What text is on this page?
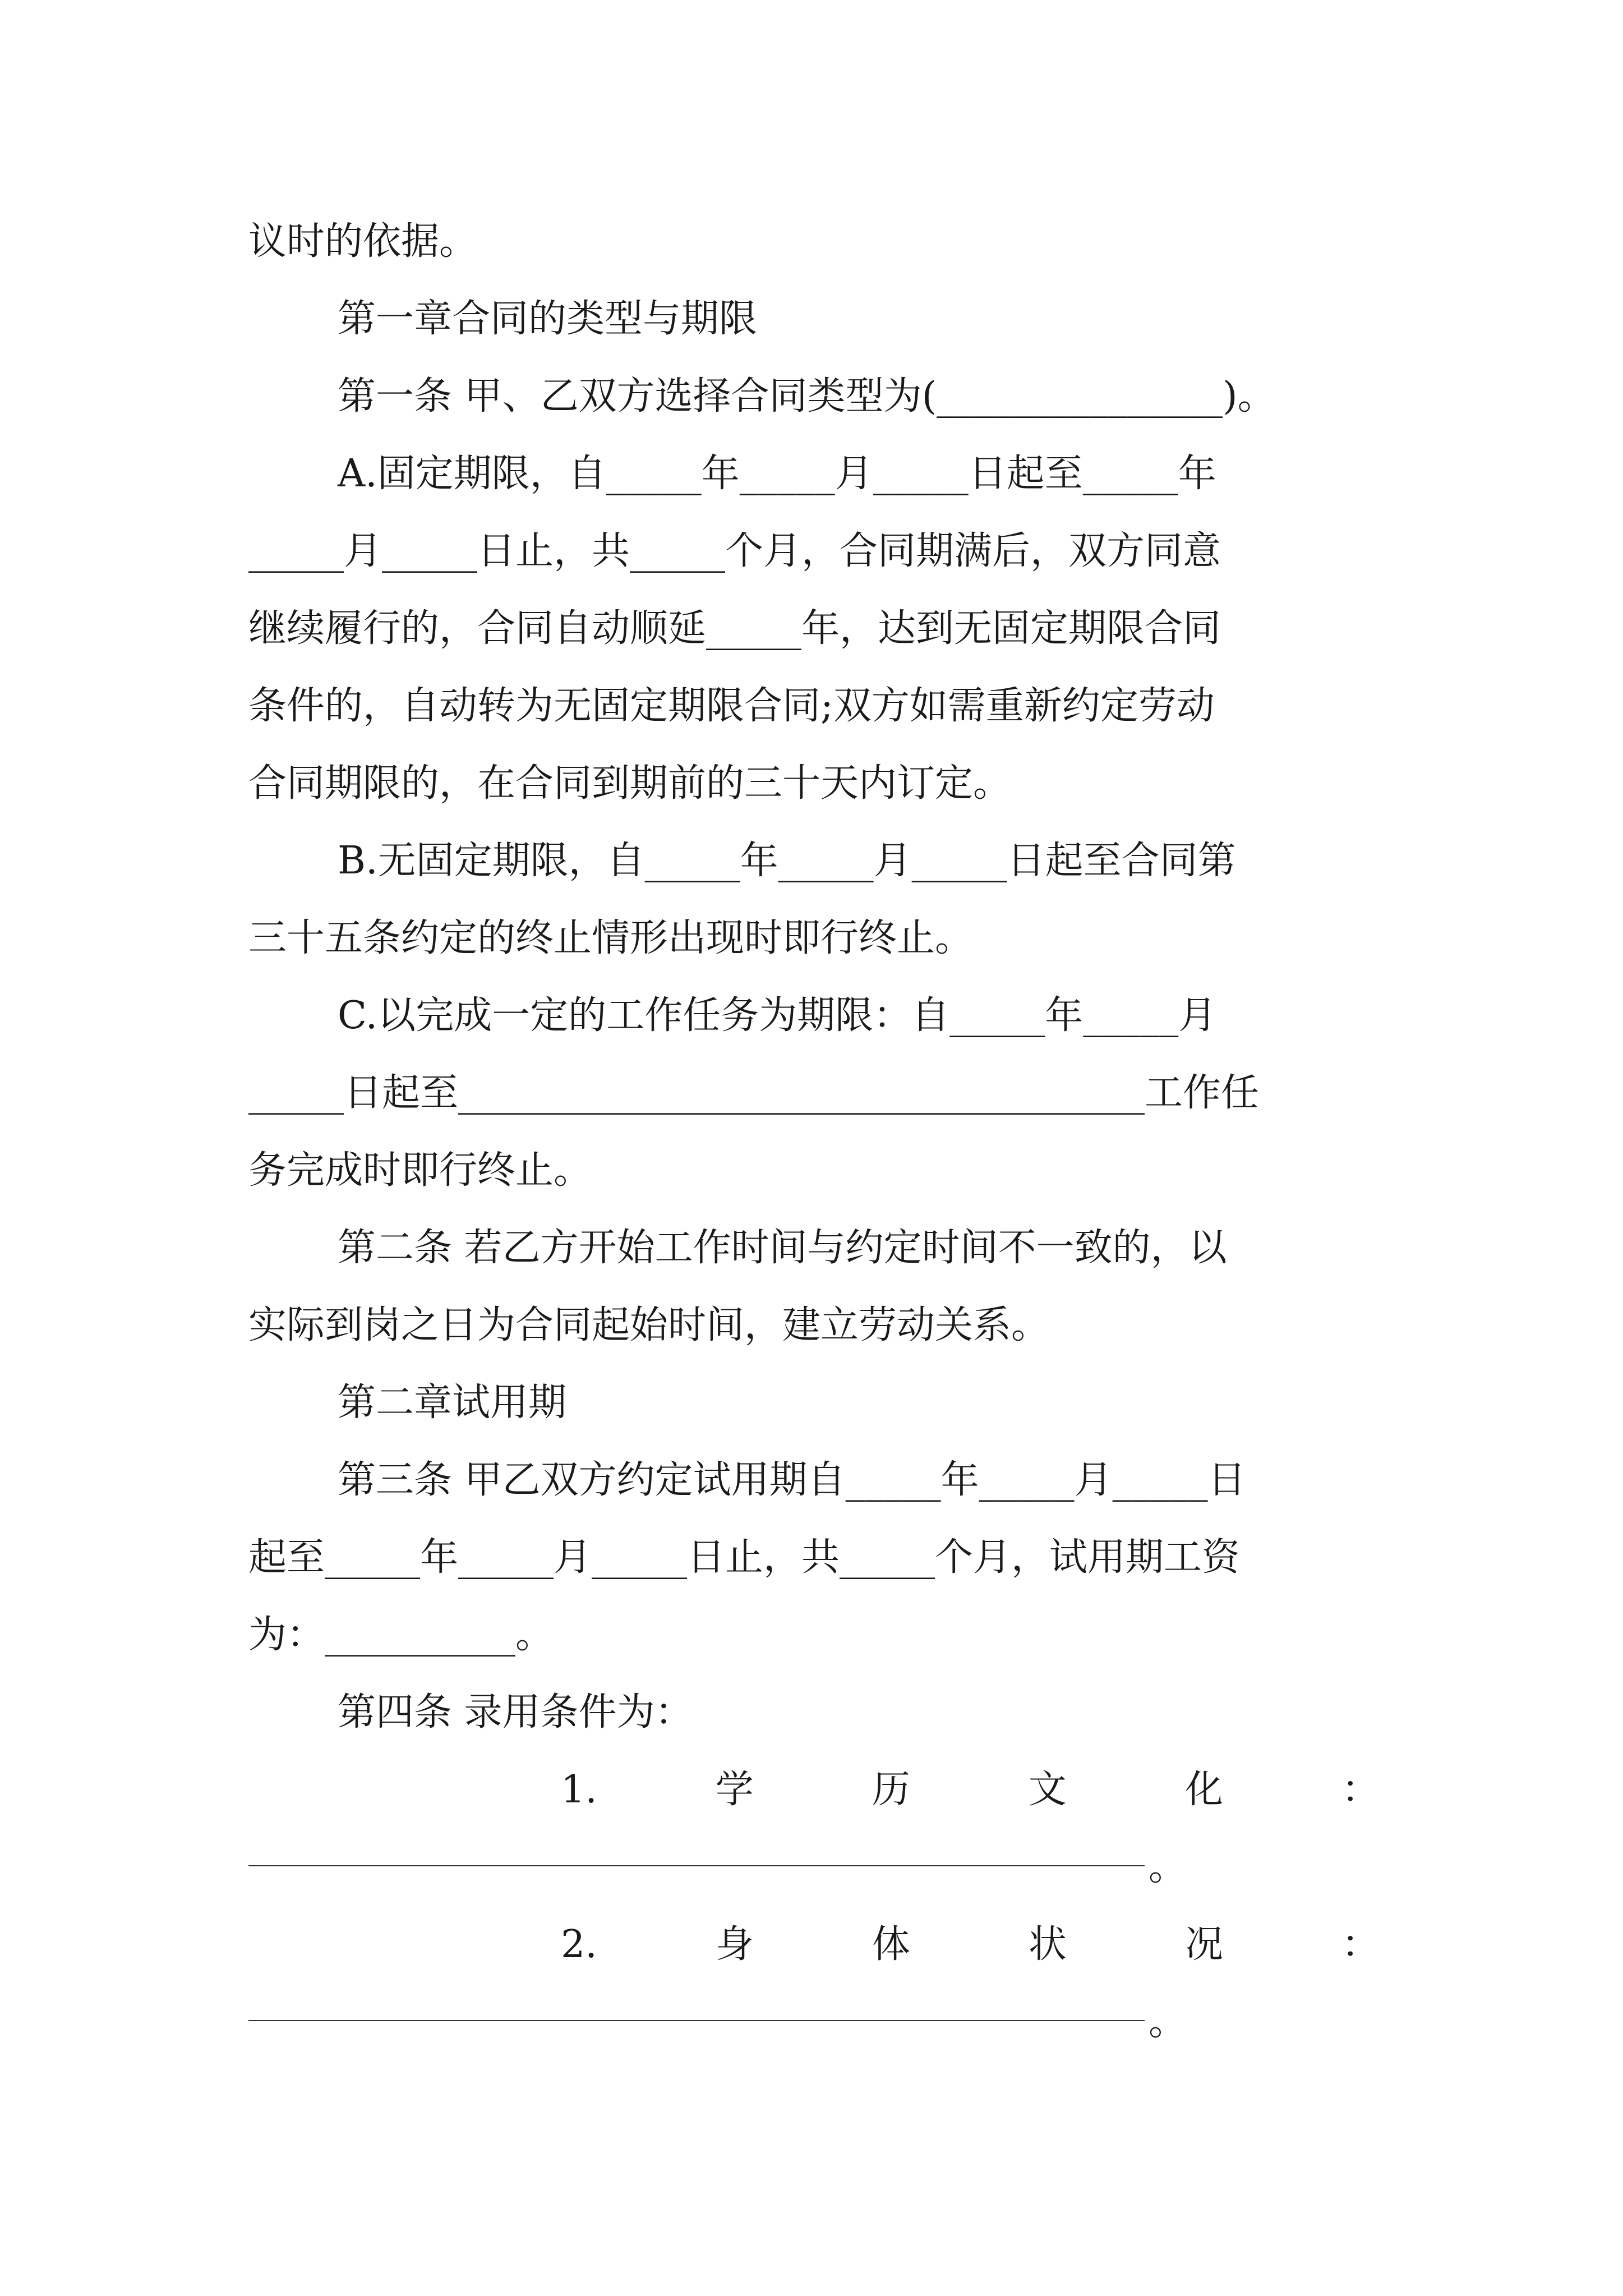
议时的依据。
第一章合同的类型与期限
第一条 甲、乙双方选择合同类型为(_______________)。
A.固定期限，自_____年_____月_____日起至_____年
_____月_____日止，共_____个月，合同期满后，双方同意
继续履行的，合同自动顺延_____年，达到无固定期限合同
条件的，自动转为无固定期限合同;双方如需重新约定劳动
合同期限的，在合同到期前的三十天内订定。
B.无固定期限，自_____年_____月_____日起至合同第
三十五条约定的终止情形出现时即行终止。
C.以完成一定的工作任务为期限：自_____年_____月
_____日起至____________________________________工作任
务完成时即行终止。
第二条 若乙方开始工作时间与约定时间不一致的，以
实际到岗之日为合同起始时间，建立劳动关系。
第二章试用期
第三条 甲乙双方约定试用期自_____年_____月_____日
起至_____年_____月_____日止，共_____个月，试用期工资
为：__________。
第四条 录用条件为：
1.	学	历	文	化	：
。
2.	身	体	状	况	：
。
